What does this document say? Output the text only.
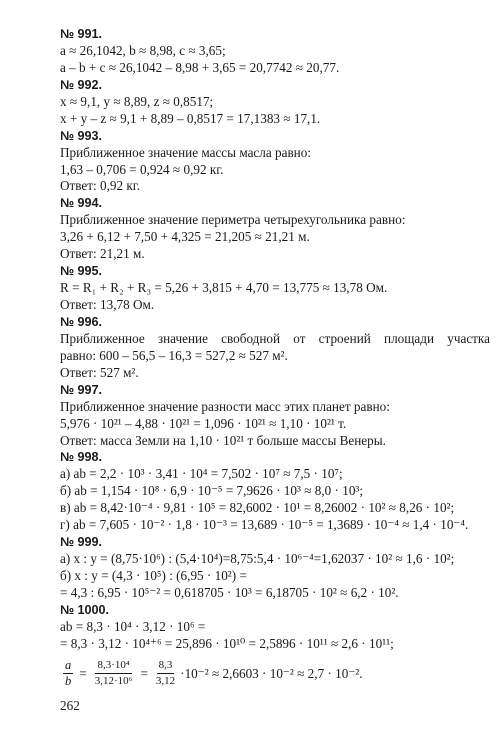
№ 991.
a ≈ 26,1042, b ≈ 8,98, c ≈ 3,65;
a – b + c ≈ 26,1042 – 8,98 + 3,65 = 20,7742 ≈ 20,77.
№ 992.
x ≈ 9,1, y ≈ 8,89, z ≈ 0,8517;
x + y – z ≈ 9,1 + 8,89 – 0,8517 = 17,1383 ≈ 17,1.
№ 993.
Приближенное значение массы масла равно:
1,63 – 0,706 = 0,924 ≈ 0,92 кг.
Ответ: 0,92 кг.
№ 994.
Приближенное значение периметра четырехугольника равно:
3,26 + 6,12 + 7,50 + 4,325 = 21,205 ≈ 21,21 м.
Ответ: 21,21 м.
№ 995.
R = R₁ + R₂ + R₃ = 5,26 + 3,815 + 4,70 = 13,775 ≈ 13,78 Ом.
Ответ: 13,78 Ом.
№ 996.
Приближенное значение свободной от строений площади участка
равно: 600 – 56,5 – 16,3 = 527,2 ≈ 527 м².
Ответ: 527 м².
№ 997.
Приближенное значение разности масс этих планет равно:
5,976 · 10²¹ – 4,88 · 10²¹ = 1,096 · 10²¹ ≈ 1,10 · 10²¹ т.
Ответ: масса Земли на 1,10 · 10²¹ т больше массы Венеры.
№ 998.
а) ab = 2,2 · 10³ · 3,41 · 10⁴ = 7,502 · 10⁷ ≈ 7,5 · 10⁷;
б) ab = 1,154 · 10⁸ · 6,9 · 10⁻⁵ = 7,9626 · 10³ ≈ 8,0 · 10³;
в) ab = 8,42·10⁻⁴ · 9,81 · 10⁵ = 82,6002 · 10¹ = 8,26002 · 10² ≈ 8,26 · 10²;
г) ab = 7,605 · 10⁻² · 1,8 · 10⁻³ = 13,689 · 10⁻⁵ = 1,3689 · 10⁻⁴ ≈ 1,4 · 10⁻⁴.
№ 999.
а) x : y = (8,75·10⁶) : (5,4·10⁴)=8,75:5,4 · 10⁶⁻⁴=1,62037 · 10² ≈ 1,6 · 10²;
б) x : y = (4,3 · 10⁵) : (6,95 · 10²) =
= 4,3 : 6,95 · 10⁵⁻² = 0,618705 · 10³ = 6,18705 · 10² ≈ 6,2 · 10².
№ 1000.
ab = 8,3 · 10⁴ · 3,12 · 10⁶ =
= 8,3 · 3,12 · 10⁴⁺⁶ = 25,896 · 10¹⁰ = 2,5896 · 10¹¹ ≈ 2,6 · 10¹¹;
$\frac{a}{b} = \frac{\text{8,3·10⁴}}{\text{3,12·10⁶}} = \frac{8,3}{3,12} \cdot 10^{-2} \approx 2,6603 \cdot 10^{-2} \approx 2,7 \cdot 10^{-2}$.
262
